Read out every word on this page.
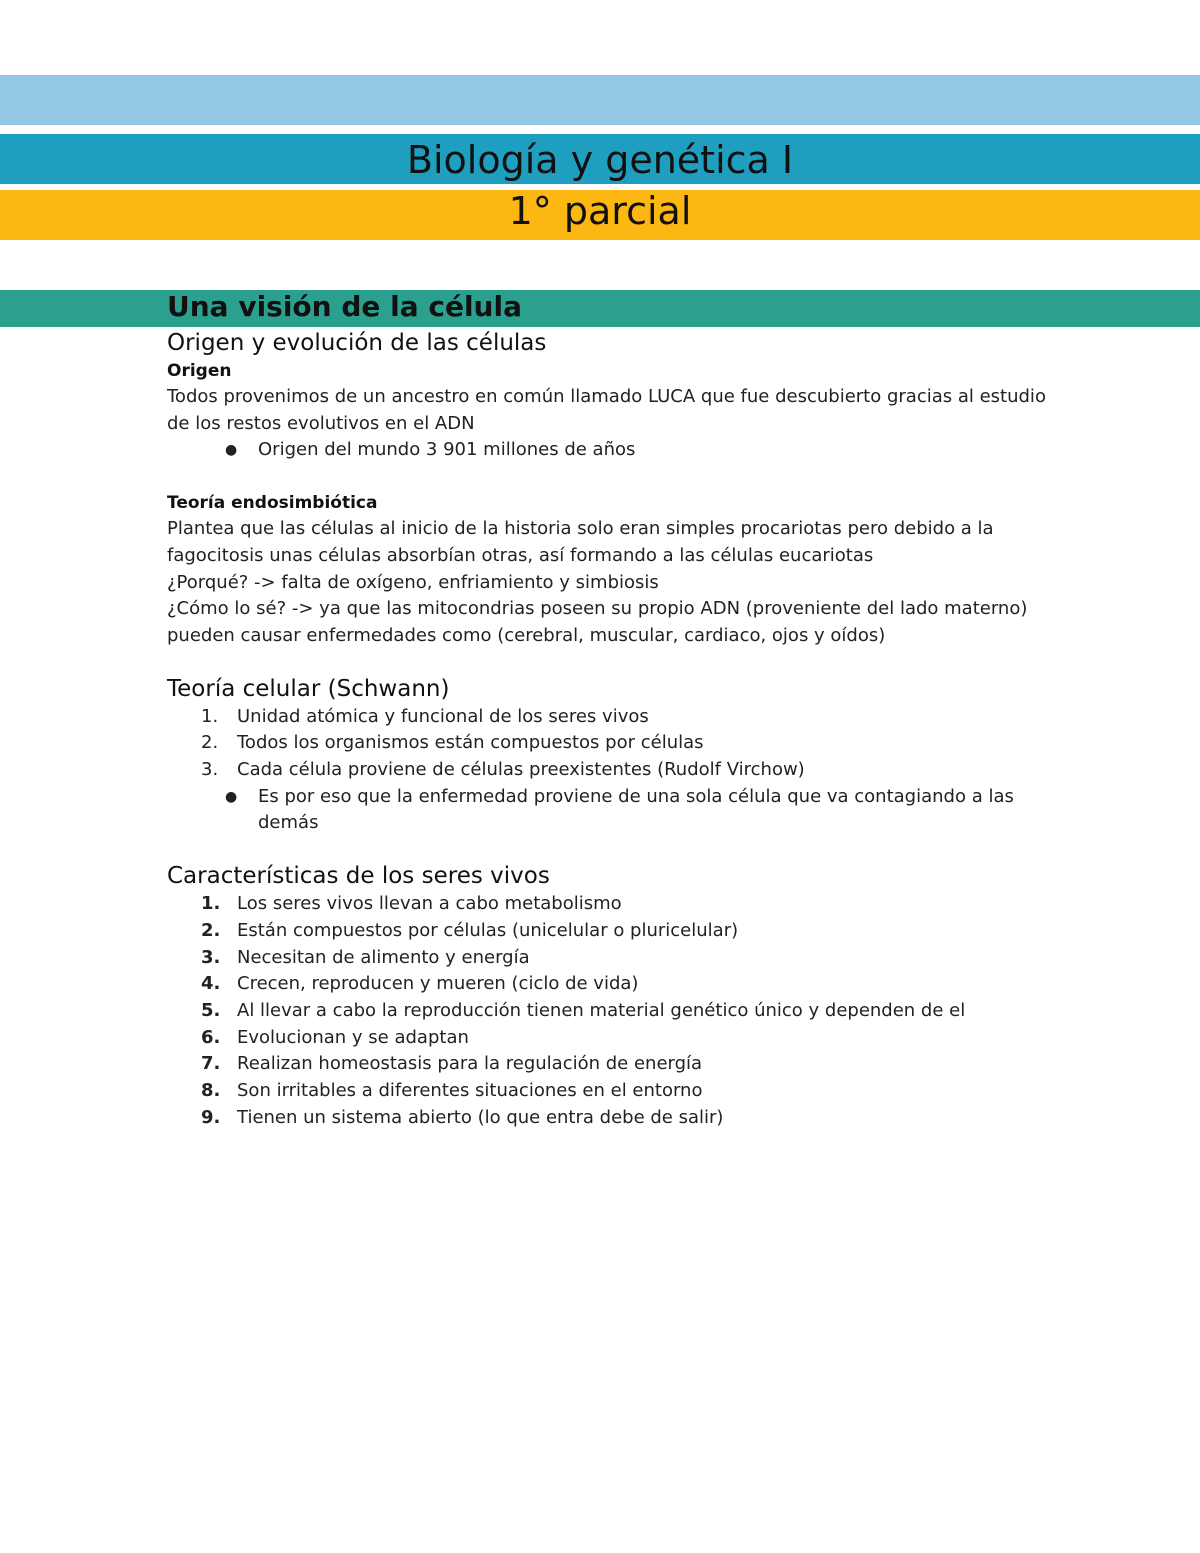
Biología y genética I
1° parcial
Una visión de la célula
Origen y evolución de las células
Origen
Todos provenimos de un ancestro en común llamado LUCA que fue descubierto gracias al estudio de los restos evolutivos en el ADN
● Origen del mundo 3 901 millones de años
Teoría endosimbiótica
Plantea que las células al inicio de la historia solo eran simples procariotas pero debido a la fagocitosis unas células absorbían otras, así formando a las células eucariotas
¿Porqué? -> falta de oxígeno, enfriamiento y simbiosis
¿Cómo lo sé? -> ya que las mitocondrias poseen su propio ADN (proveniente del lado materno) pueden causar enfermedades como (cerebral, muscular, cardiaco, ojos y oídos)
Teoría celular (Schwann)
1. Unidad atómica y funcional de los seres vivos
2. Todos los organismos están compuestos por células
3. Cada célula proviene de células preexistentes (Rudolf Virchow)
● Es por eso que la enfermedad proviene de una sola célula que va contagiando a las demás
Características de los seres vivos
1. Los seres vivos llevan a cabo metabolismo
2. Están compuestos por células (unicelular o pluricelular)
3. Necesitan de alimento y energía
4. Crecen, reproducen y mueren (ciclo de vida)
5. Al llevar a cabo la reproducción tienen material genético único y dependen de el
6. Evolucionan y se adaptan
7. Realizan homeostasis para la regulación de energía
8. Son irritables a diferentes situaciones en el entorno
9. Tienen un sistema abierto (lo que entra debe de salir)
